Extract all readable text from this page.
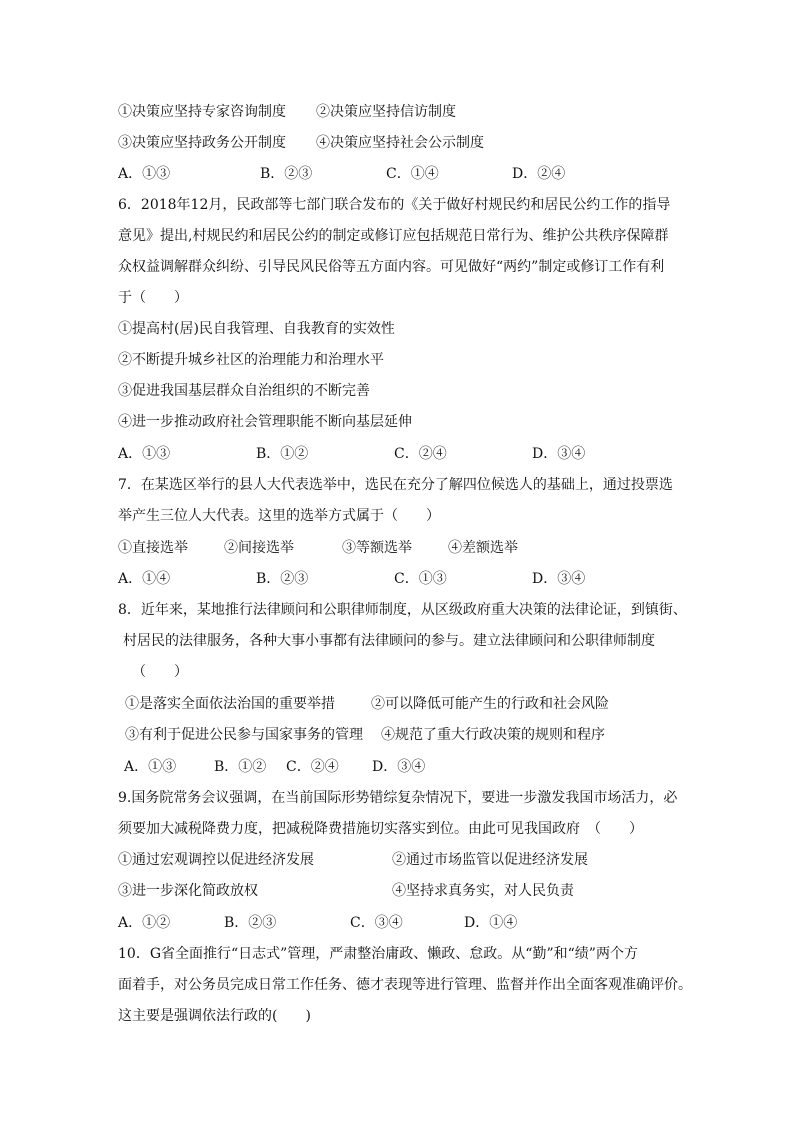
①决策应坚持专家咨询制度	②决策应坚持信访制度
③决策应坚持政务公开制度	④决策应坚持社会公示制度
A．①③	B．②③	C．①④	D．②④
6．2018年12月，民政部等七部门联合发布的《关于做好村规民约和居民公约工作的指导
意见》提出,村规民约和居民公约的制定或修订应包括规范日常行为、维护公共秩序保障群
众权益调解群众纠纷、引导民风民俗等五方面内容。可见做好“两约”制定或修订工作有利
于（　　）
①提高村(居)民自我管理、自我教育的实效性
②不断提升城乡社区的治理能力和治理水平
③促进我国基层群众自治组织的不断完善
④进一步推动政府社会管理职能不断向基层延伸
A．①③	B．①②	C．②④	D．③④
7．在某选区举行的县人大代表选举中，选民在充分了解四位候选人的基础上，通过投票选
举产生三位人大代表。这里的选举方式属于（　　）
①直接选举	②间接选举	③等额选举	④差额选举
A．①④	B．②③	C．①③	D．③④
8．近年来，某地推行法律顾问和公职律师制度，从区级政府重大决策的法律论证，到镇街、
村居民的法律服务，各种大事小事都有法律顾问的参与。建立法律顾问和公职律师制度
（　　）
①是落实全面依法治国的重要举措	②可以降低可能产生的行政和社会风险
③有利于促进公民参与国家事务的管理	④规范了重大行政决策的规则和程序
A．①③	B．①②	C．②④	D．③④
9.国务院常务会议强调，在当前国际形势错综复杂情况下，要进一步激发我国市场活力，必
须要加大减税降费力度，把减税降费措施切实落实到位。由此可见我国政府　（　　）
①通过宏观调控以促进经济发展	②通过市场监管以促进经济发展
③进一步深化简政放权	④坚持求真务实，对人民负责
A．①②	B．②③	C．③④	D．①④
10．G省全面推行“日志式”管理，严肃整治庸政、懒政、怠政。从“勤”和“绩”两个方
面着手，对公务员完成日常工作任务、德才表现等进行管理、监督并作出全面客观准确评价。
这主要是强调依法行政的(　　)
